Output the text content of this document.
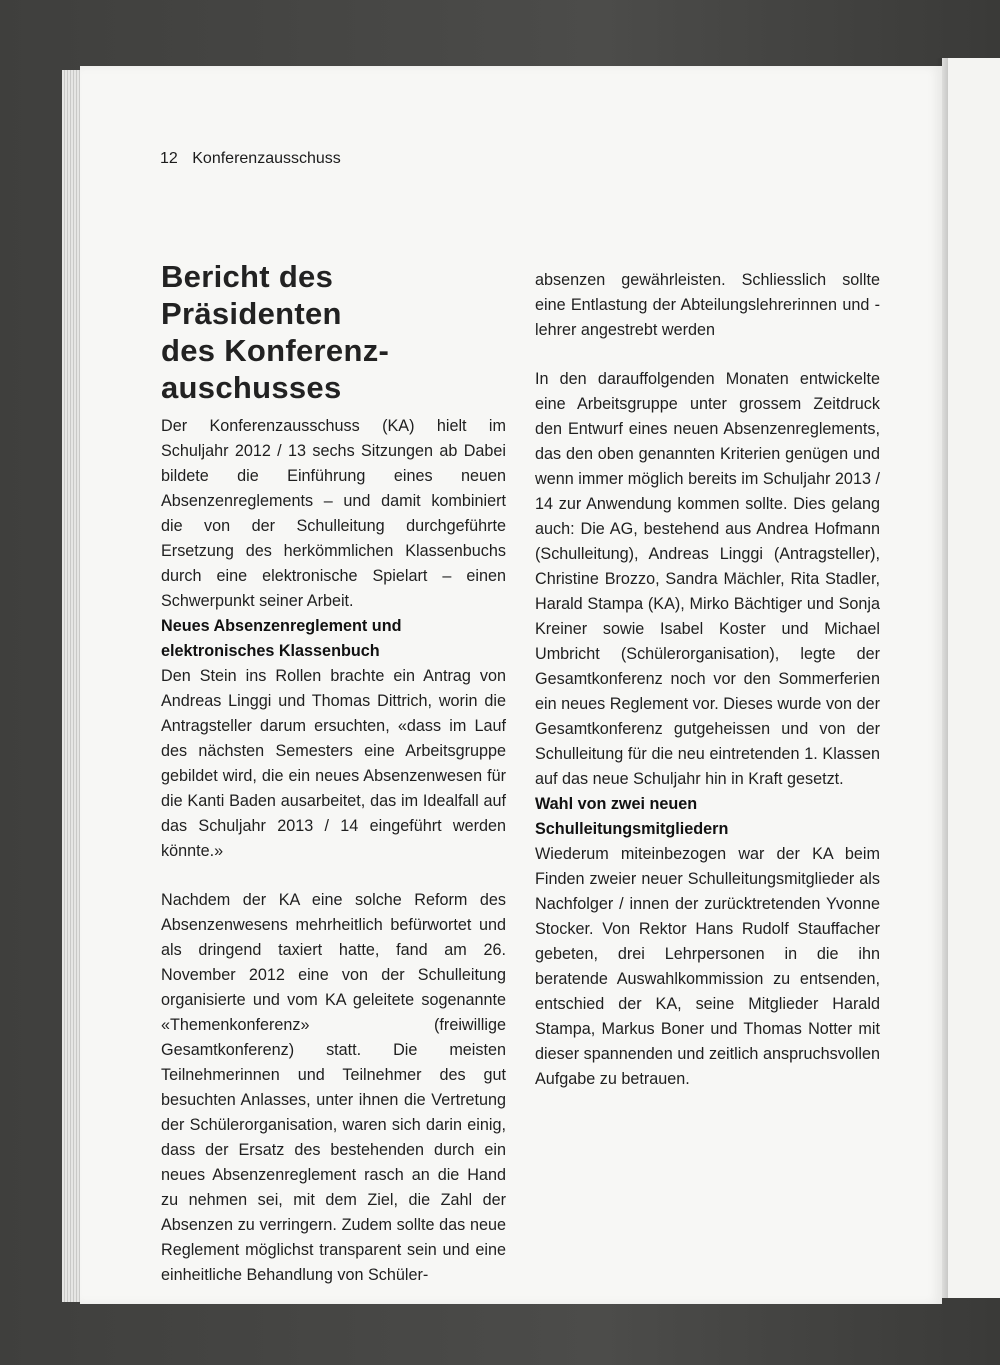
12 Konferenzausschuss
Bericht des Präsidenten
des Konferenz-
auschusses

Der Konferenzausschuss (KA) hielt im Schuljahr 2012 / 13 sechs Sitzungen ab Dabei bildete die Einführung eines neuen Absenzenreglements – und damit kombiniert die von der Schulleitung durchgeführte Ersetzung des herkömmlichen Klassenbuchs durch eine elektronische Spielart – einen Schwerpunkt seiner Arbeit.

Neues Absenzenreglement und elektronisches Klassenbuch

Den Stein ins Rollen brachte ein Antrag von Andreas Linggi und Thomas Dittrich, worin die Antragsteller darum ersuchten, «dass im Lauf des nächsten Semesters eine Arbeitsgruppe gebildet wird, die ein neues Absenzenwesen für die Kanti Baden ausarbeitet, das im Idealfall auf das Schuljahr 2013 / 14 eingeführt werden könnte.»

Nachdem der KA eine solche Reform des Absenzenwesens mehrheitlich befürwortet und als dringend taxiert hatte, fand am 26. November 2012 eine von der Schulleitung organisierte und vom KA geleitete sogenannte «Themenkonferenz» (freiwillige Gesamtkonferenz) statt. Die meisten Teilnehmerinnen und Teilnehmer des gut besuchten Anlasses, unter ihnen die Vertretung der Schülerorganisation, waren sich darin einig, dass der Ersatz des bestehenden durch ein neues Absenzenreglement rasch an die Hand zu nehmen sei, mit dem Ziel, die Zahl der Absenzen zu verringern. Zudem sollte das neue Reglement möglichst transparent sein und eine einheitliche Behandlung von Schüler-

absenzen gewährleisten. Schliesslich sollte eine Entlastung der Abteilungslehrerinnen und -lehrer angestrebt werden

In den darauffolgenden Monaten entwickelte eine Arbeitsgruppe unter grossem Zeitdruck den Entwurf eines neuen Absenzenreglements, das den oben genannten Kriterien genügen und wenn immer möglich bereits im Schuljahr 2013 / 14 zur Anwendung kommen sollte. Dies gelang auch: Die AG, bestehend aus Andrea Hofmann (Schulleitung), Andreas Linggi (Antragsteller), Christine Brozzo, Sandra Mächler, Rita Stadler, Harald Stampa (KA), Mirko Bächtiger und Sonja Kreiner sowie Isabel Koster und Michael Umbricht (Schülerorganisation), legte der Gesamtkonferenz noch vor den Sommerferien ein neues Reglement vor. Dieses wurde von der Gesamtkonferenz gutgeheissen und von der Schulleitung für die neu eintretenden 1. Klassen auf das neue Schuljahr hin in Kraft gesetzt.

Wahl von zwei neuen Schulleitungsmitgliedern

Wiederum miteinbezogen war der KA beim Finden zweier neuer Schulleitungsmitglieder als Nachfolger / innen der zurücktretenden Yvonne Stocker. Von Rektor Hans Rudolf Stauffacher gebeten, drei Lehrpersonen in die ihn beratende Auswahlkommission zu entsenden, entschied der KA, seine Mitglieder Harald Stampa, Markus Boner und Thomas Notter mit dieser spannenden und zeitlich anspruchsvollen Aufgabe zu betrauen.
